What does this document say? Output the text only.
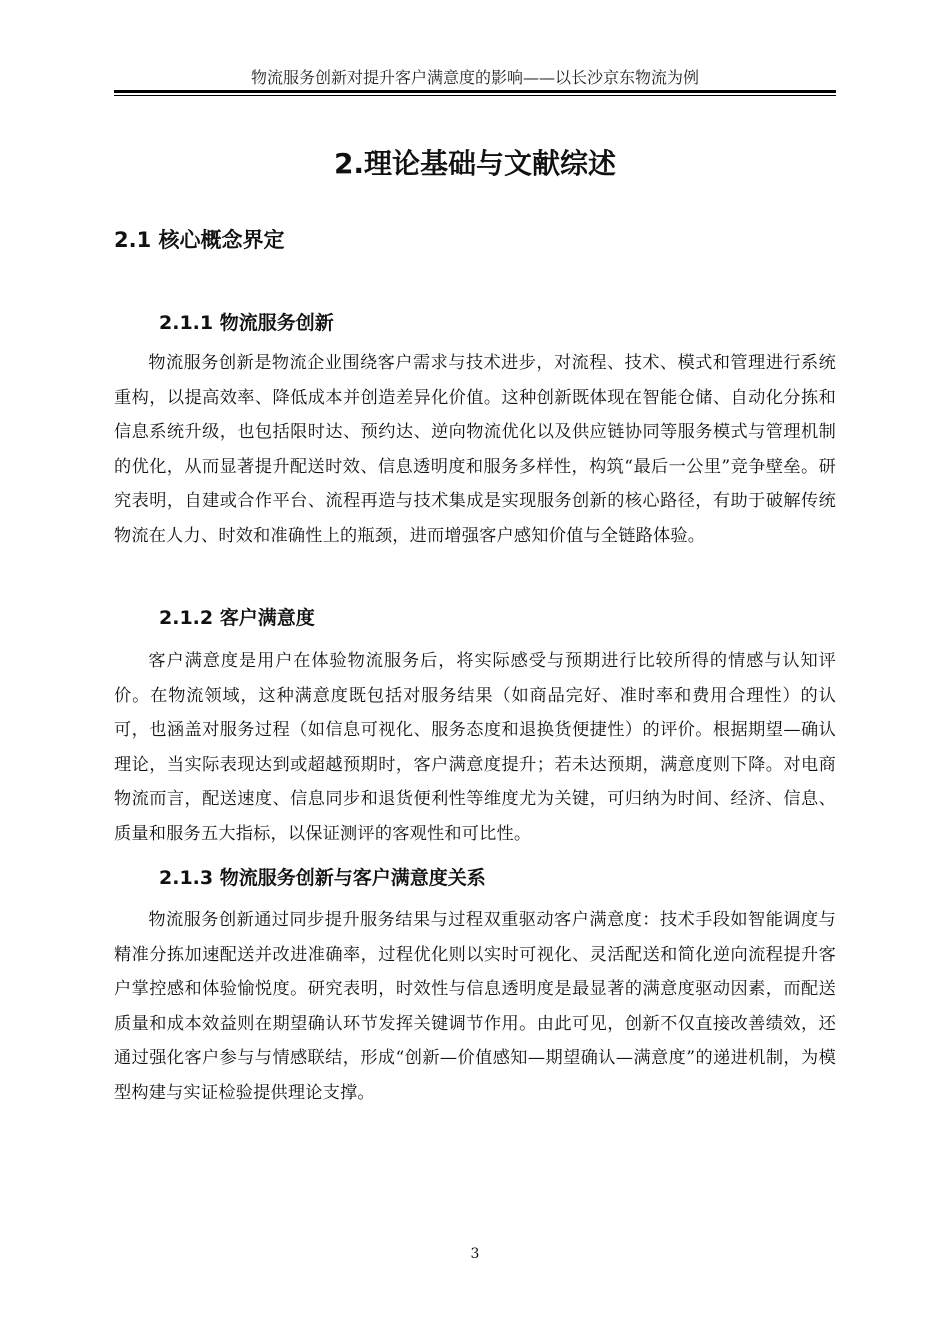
物流服务创新对提升客户满意度的影响——以长沙京东物流为例
2.理论基础与文献综述
2.1 核心概念界定
2.1.1 物流服务创新

物流服务创新是物流企业围绕客户需求与技术进步，对流程、技术、模式和管理进行系统重构，以提高效率、降低成本并创造差异化价值。这种创新既体现在智能仓储、自动化分拣和信息系统升级，也包括限时达、预约达、逆向物流优化以及供应链协同等服务模式与管理机制的优化，从而显著提升配送时效、信息透明度和服务多样性，构筑“最后一公里”竞争壁垒。研究表明，自建或合作平台、流程再造与技术集成是实现服务创新的核心路径，有助于破解传统物流在人力、时效和准确性上的瓶颈，进而增强客户感知价值与全链路体验。

2.1.2 客户满意度

客户满意度是用户在体验物流服务后，将实际感受与预期进行比较所得的情感与认知评价。在物流领域，这种满意度既包括对服务结果（如商品完好、准时率和费用合理性）的认可，也涵盖对服务过程（如信息可视化、服务态度和退换货便捷性）的评价。根据期望—确认理论，当实际表现达到或超越预期时，客户满意度提升；若未达预期，满意度则下降。对电商物流而言，配送速度、信息同步和退货便利性等维度尤为关键，可归纳为时间、经济、信息、质量和服务五大指标，以保证测评的客观性和可比性。

2.1.3 物流服务创新与客户满意度关系

物流服务创新通过同步提升服务结果与过程双重驱动客户满意度：技术手段如智能调度与精准分拣加速配送并改进准确率，过程优化则以实时可视化、灵活配送和简化逆向流程提升客户掌控感和体验愉悦度。研究表明，时效性与信息透明度是最显著的满意度驱动因素，而配送质量和成本效益则在期望确认环节发挥关键调节作用。由此可见，创新不仅直接改善绩效，还通过强化客户参与与情感联结，形成“创新—价值感知—期望确认—满意度”的递进机制，为模型构建与实证检验提供理论支撑。

3
